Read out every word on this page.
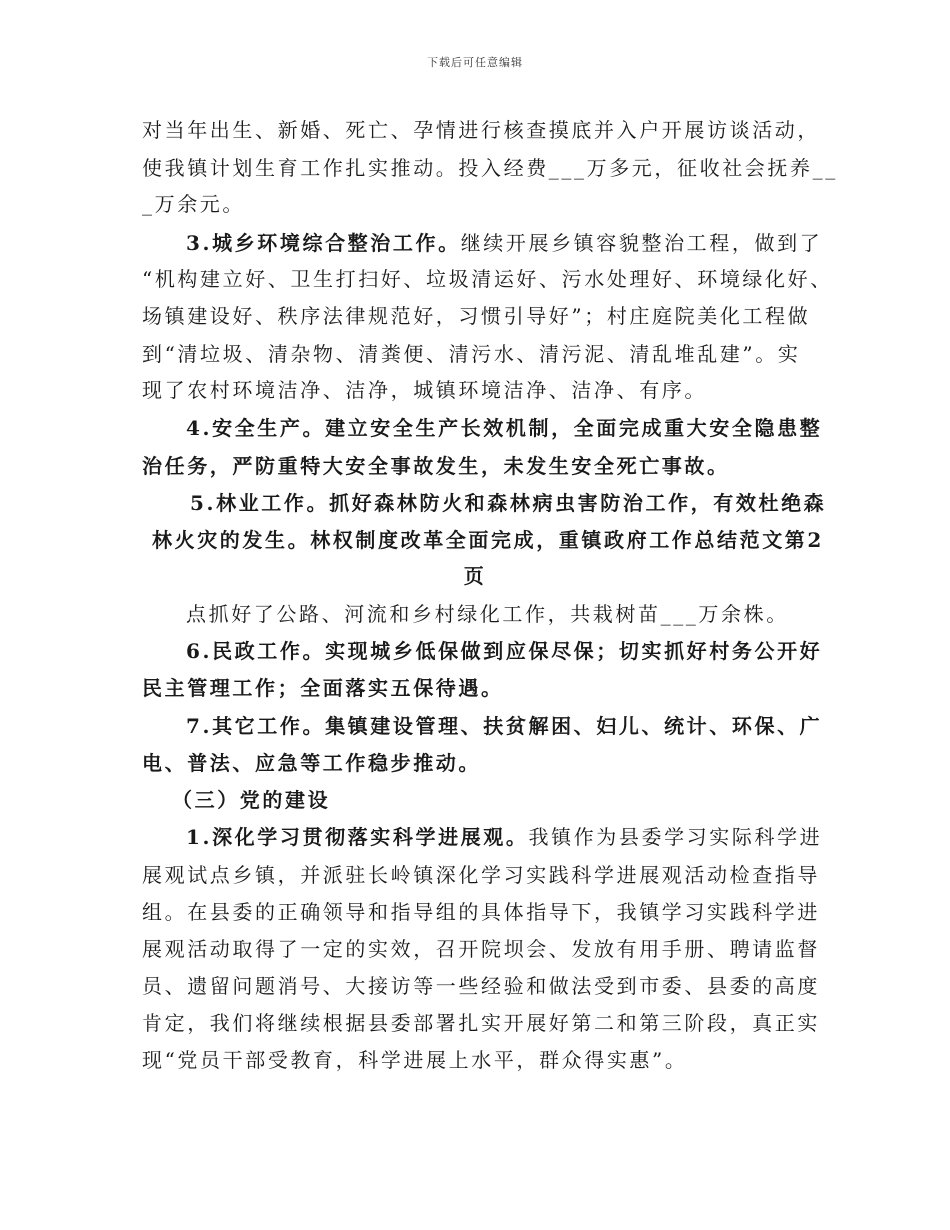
下载后可任意编辑
对当年出生、新婚、死亡、孕情进行核查摸底并入户开展访谈活动，
使我镇计划生育工作扎实推动。投入经费___万多元，征收社会抚养__
_万余元。
3.城乡环境综合整治工作。继续开展乡镇容貌整治工程，做到了
“机构建立好、卫生打扫好、垃圾清运好、污水处理好、环境绿化好、
场镇建设好、秩序法律规范好，习惯引导好”；村庄庭院美化工程做
到“清垃圾、清杂物、清粪便、清污水、清污泥、清乱堆乱建”。实
现了农村环境洁净、洁净，城镇环境洁净、洁净、有序。
4.安全生产。建立安全生产长效机制，全面完成重大安全隐患整
治任务，严防重特大安全事故发生，未发生安全死亡事故。
5.林业工作。抓好森林防火和森林病虫害防治工作，有效杜绝森
林火灾的发生。林权制度改革全面完成，重镇政府工作总结范文第2
页
点抓好了公路、河流和乡村绿化工作，共栽树苗___万余株。
6.民政工作。实现城乡低保做到应保尽保；切实抓好村务公开好
民主管理工作；全面落实五保待遇。
7.其它工作。集镇建设管理、扶贫解困、妇儿、统计、环保、广
电、普法、应急等工作稳步推动。
（三）党的建设
1.深化学习贯彻落实科学进展观。我镇作为县委学习实际科学进
展观试点乡镇，并派驻长岭镇深化学习实践科学进展观活动检查指导
组。在县委的正确领导和指导组的具体指导下，我镇学习实践科学进
展观活动取得了一定的实效，召开院坝会、发放有用手册、聘请监督
员、遗留问题消号、大接访等一些经验和做法受到市委、县委的高度
肯定，我们将继续根据县委部署扎实开展好第二和第三阶段，真正实
现“党员干部受教育，科学进展上水平，群众得实惠”。
